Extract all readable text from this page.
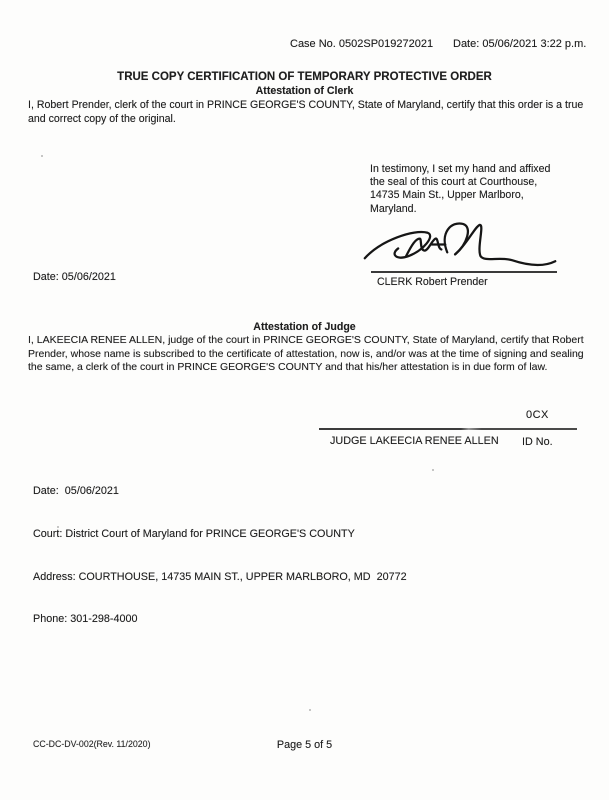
Case No. 0502SP019272021 Date: 05/06/2021 3:22 p.m.
TRUE COPY CERTIFICATION OF TEMPORARY PROTECTIVE ORDER
Attestation of Clerk
I, Robert Prender, clerk of the court in PRINCE GEORGE'S COUNTY, State of Maryland, certify that this order is a true and correct copy of the original.
In testimony, I set my hand and affixed the seal of this court at Courthouse, 14735 Main St., Upper Marlboro, Maryland.
CLERK Robert Prender
Date: 05/06/2021
Attestation of Judge
I, LAKEECIA RENEE ALLEN, judge of the court in PRINCE GEORGE'S COUNTY, State of Maryland, certify that Robert Prender, whose name is subscribed to the certificate of attestation, now is, and/or was at the time of signing and sealing the same, a clerk of the court in PRINCE GEORGE'S COUNTY and that his/her attestation is in due form of law.
0CX
JUDGE LAKEECIA RENEE ALLEN ID No.

Date:  05/06/2021

Court: District Court of Maryland for PRINCE GEORGE'S COUNTY

Address: COURTHOUSE, 14735 MAIN ST., UPPER MARLBORO, MD  20772

Phone: 301-298-4000

CC-DC-DV-002(Rev. 11/2020)	Page 5 of 5
